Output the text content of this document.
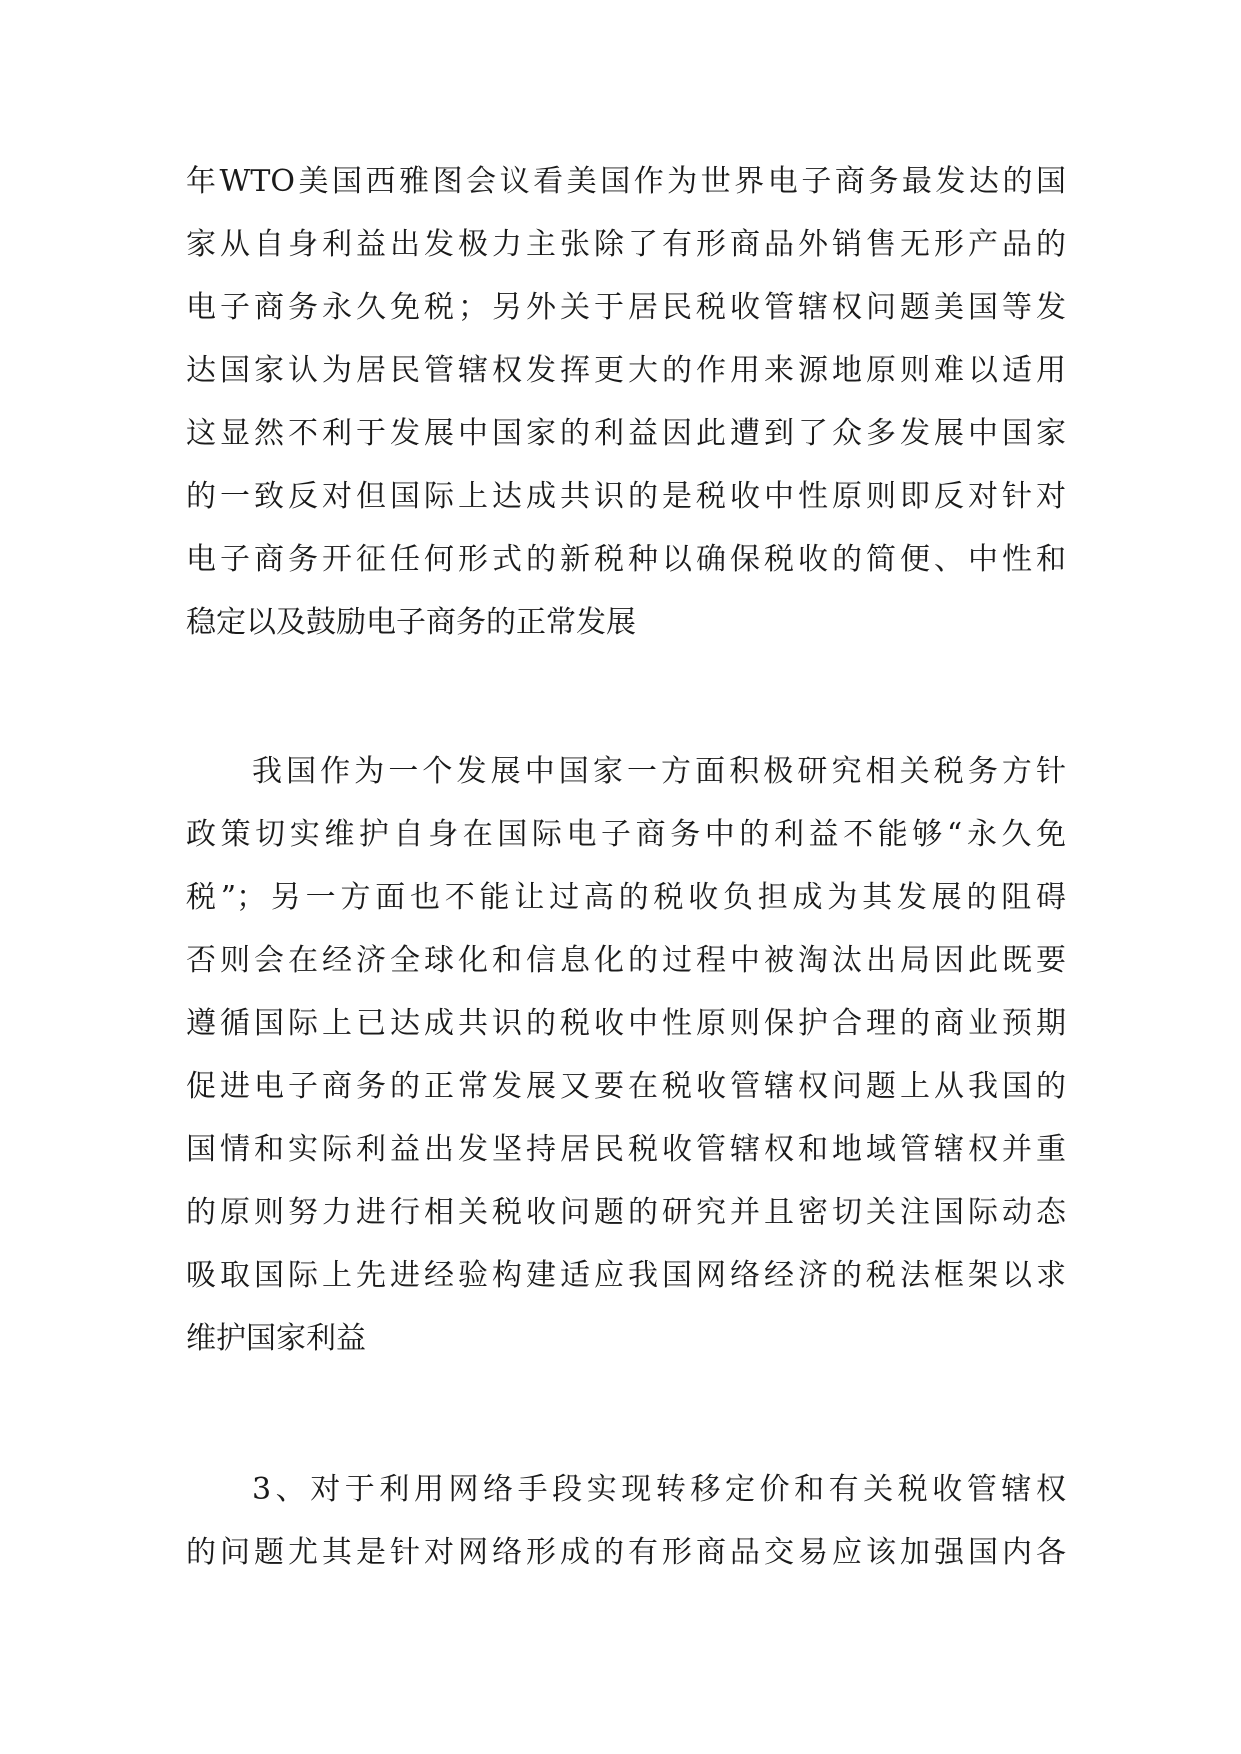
年WTO美国西雅图会议看美国作为世界电子商务最发达的国
家从自身利益出发极力主张除了有形商品外销售无形产品的
电子商务永久免税；另外关于居民税收管辖权问题美国等发
达国家认为居民管辖权发挥更大的作用来源地原则难以适用
这显然不利于发展中国家的利益因此遭到了众多发展中国家
的一致反对但国际上达成共识的是税收中性原则即反对针对
电子商务开征任何形式的新税种以确保税收的简便、中性和
稳定以及鼓励电子商务的正常发展
我国作为一个发展中国家一方面积极研究相关税务方针
政策切实维护自身在国际电子商务中的利益不能够“永久免
税”；另一方面也不能让过高的税收负担成为其发展的阻碍
否则会在经济全球化和信息化的过程中被淘汰出局因此既要
遵循国际上已达成共识的税收中性原则保护合理的商业预期
促进电子商务的正常发展又要在税收管辖权问题上从我国的
国情和实际利益出发坚持居民税收管辖权和地域管辖权并重
的原则努力进行相关税收问题的研究并且密切关注国际动态
吸取国际上先进经验构建适应我国网络经济的税法框架以求
维护国家利益
3、对于利用网络手段实现转移定价和有关税收管辖权
的问题尤其是针对网络形成的有形商品交易应该加强国内各
